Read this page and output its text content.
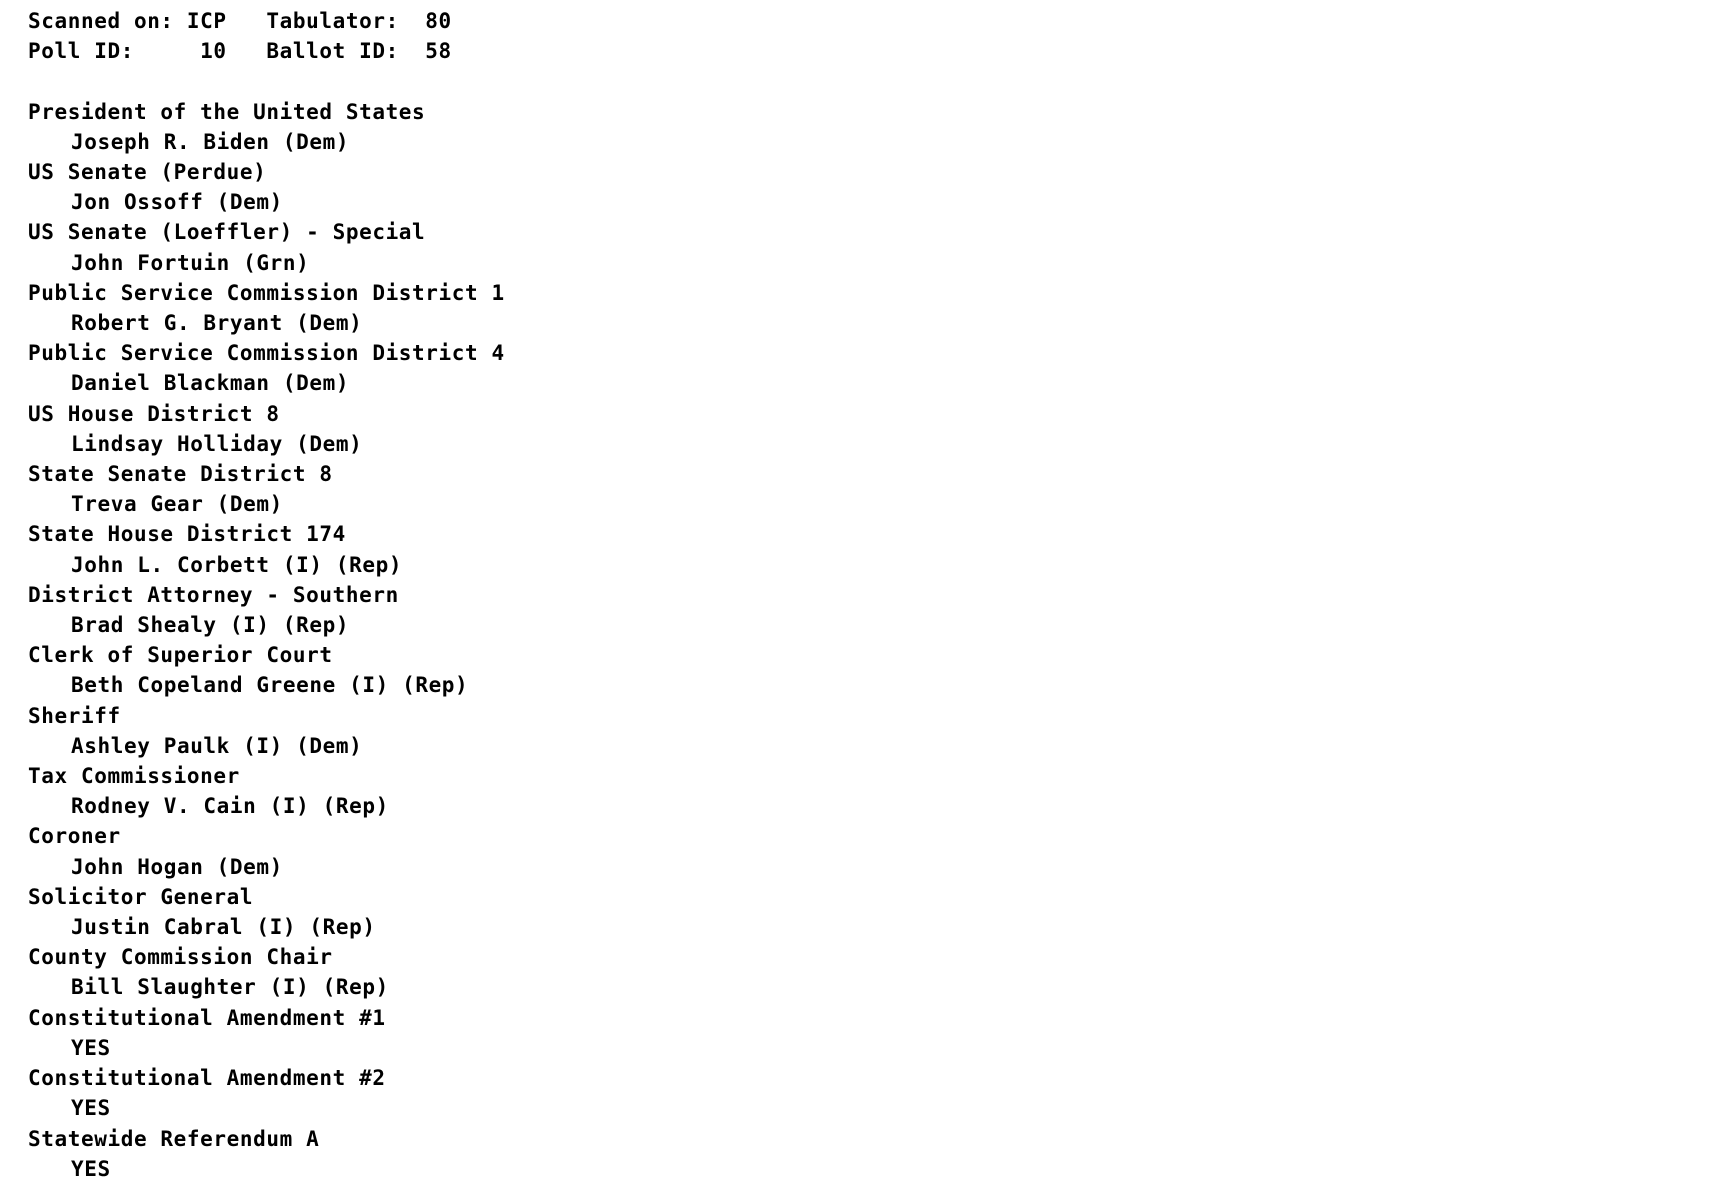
Scanned on: ICP   Tabulator:  80
Poll ID:     10   Ballot ID:  58
President of the United States
Joseph R. Biden (Dem)
US Senate (Perdue)
Jon Ossoff (Dem)
US Senate (Loeffler) - Special
John Fortuin (Grn)
Public Service Commission District 1
Robert G. Bryant (Dem)
Public Service Commission District 4
Daniel Blackman (Dem)
US House District 8
Lindsay Holliday (Dem)
State Senate District 8
Treva Gear (Dem)
State House District 174
John L. Corbett (I) (Rep)
District Attorney - Southern
Brad Shealy (I) (Rep)
Clerk of Superior Court
Beth Copeland Greene (I) (Rep)
Sheriff
Ashley Paulk (I) (Dem)
Tax Commissioner
Rodney V. Cain (I) (Rep)
Coroner
John Hogan (Dem)
Solicitor General
Justin Cabral (I) (Rep)
County Commission Chair
Bill Slaughter (I) (Rep)
Constitutional Amendment #1
YES
Constitutional Amendment #2
YES
Statewide Referendum A
YES
